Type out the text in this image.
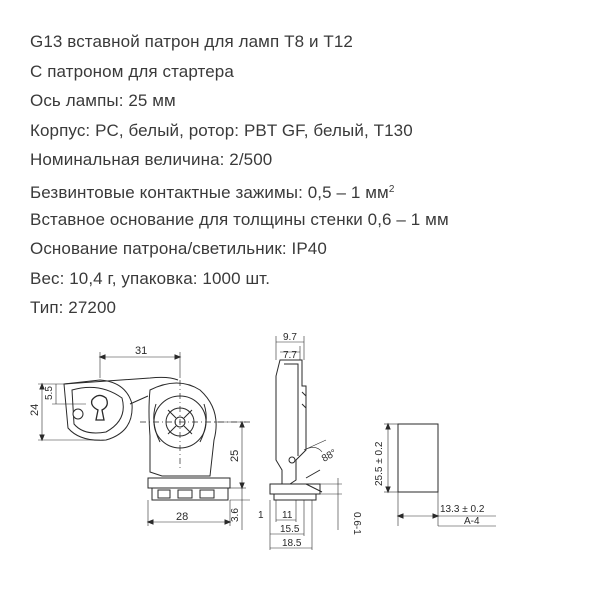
G13 вставной патрон для ламп T8 и T12
С патроном для стартера
Ось лампы: 25 мм
Корпус: PC, белый, ротор: PBT GF, белый, T130
Номинальная величина: 2/500
Безвинтовые контактные зажимы: 0,5 – 1 $мм^2$
Вставное основание для толщины стенки 0,6 – 1 мм
Основание патрона/светильник: IP40
Вес: 10,4 г, упаковка: 1000 шт.
Тип: 27200
31
24
5.5
25
28	3.6
9.7
7.7
88°
1 11
15.5
18.5
0.6-1
25.5 ± 0.2
13.3 ± 0.2
A-4
